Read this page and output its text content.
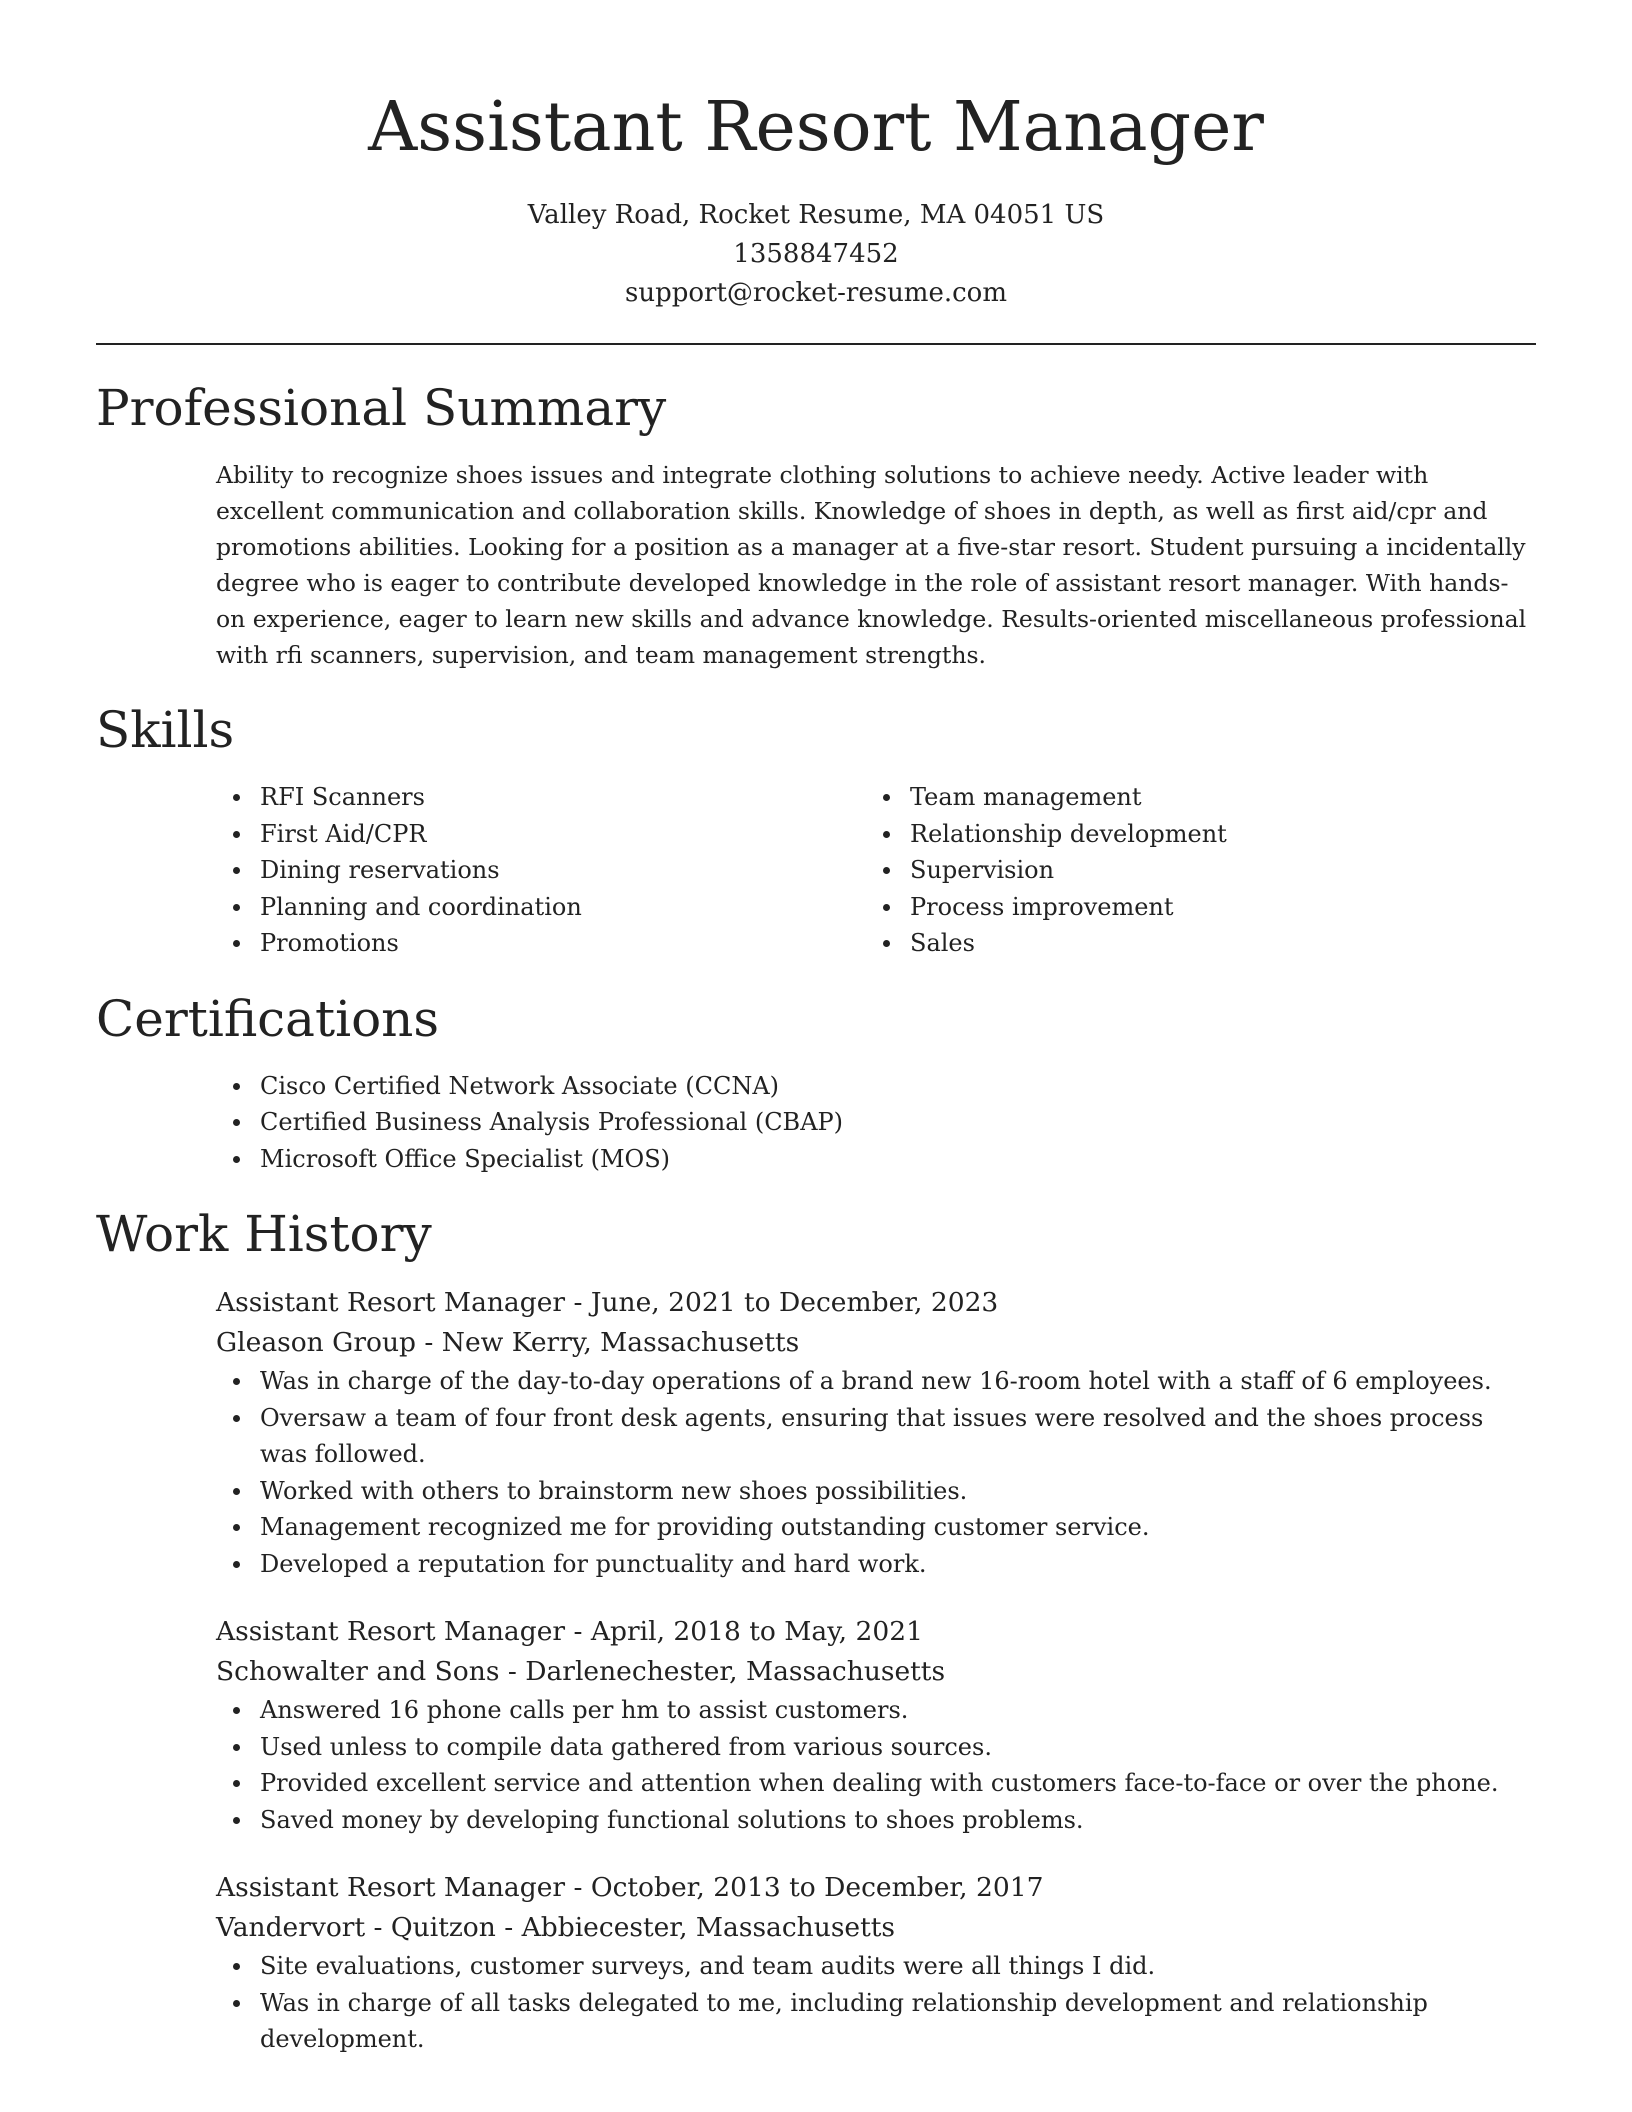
Assistant Resort Manager
Valley Road, Rocket Resume, MA 04051 US
1358847452
support@rocket-resume.com
Professional Summary

Ability to recognize shoes issues and integrate clothing solutions to achieve needy. Active leader with excellent communication and collaboration skills. Knowledge of shoes in depth, as well as first aid/cpr and promotions abilities. Looking for a position as a manager at a five-star resort. Student pursuing a incidentally degree who is eager to contribute developed knowledge in the role of assistant resort manager. With hands-on experience, eager to learn new skills and advance knowledge. Results-oriented miscellaneous professional with rfi scanners, supervision, and team management strengths.

Skills
RFI Scanners
First Aid/CPR
Dining reservations
Planning and coordination
Promotions
Team management
Relationship development
Supervision
Process improvement
Sales
Certifications
Cisco Certified Network Associate (CCNA)
Certified Business Analysis Professional (CBAP)
Microsoft Office Specialist (MOS)
Work History
Assistant Resort Manager - June, 2021 to December, 2023
Gleason Group - New Kerry, Massachusetts
Was in charge of the day-to-day operations of a brand new 16-room hotel with a staff of 6 employees.
Oversaw a team of four front desk agents, ensuring that issues were resolved and the shoes process was followed.
Worked with others to brainstorm new shoes possibilities.
Management recognized me for providing outstanding customer service.
Developed a reputation for punctuality and hard work.
Assistant Resort Manager - April, 2018 to May, 2021
Schowalter and Sons - Darlenechester, Massachusetts
Answered 16 phone calls per hm to assist customers.
Used unless to compile data gathered from various sources.
Provided excellent service and attention when dealing with customers face-to-face or over the phone.
Saved money by developing functional solutions to shoes problems.
Assistant Resort Manager - October, 2013 to December, 2017
Vandervort - Quitzon - Abbiecester, Massachusetts
Site evaluations, customer surveys, and team audits were all things I did.
Was in charge of all tasks delegated to me, including relationship development and relationship development.
